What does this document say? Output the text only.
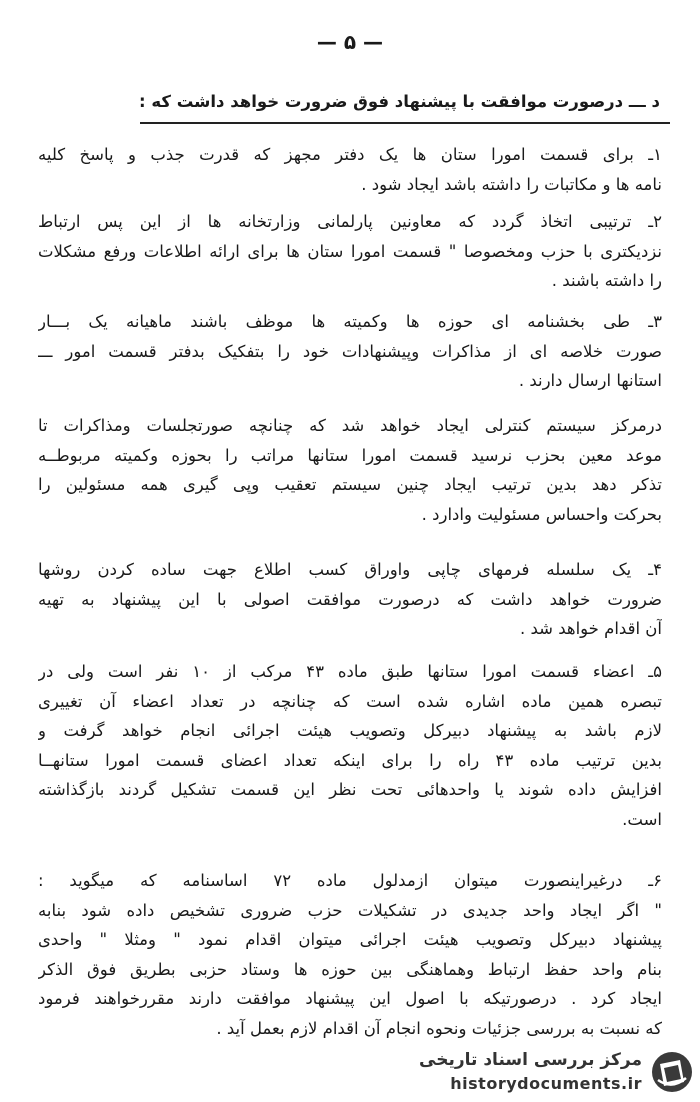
— ۵ —
د ـــ درصورت موافقت با پیشنهاد فوق ضرورت خواهد داشت که :
۱ـ برای قسمت امورا ستان ها یک دفتر مجهز که قدرت جذب و پاسخ کلیه
نامه ها و مکاتبات را داشته باشد ایجاد شود .
۲ـ ترتیبی اتخاذ گردد که معاونین پارلمانی وزارتخانه ها از این پس ارتباط
نزدیکتری با حزب ومخصوصا " قسمت امورا ستان ها برای ارائه اطلاعات ورفع مشکلات
را داشته باشند .
۳ـ طی بخشنامه ای حوزه ها وکمیته ها موظف باشند ماهیانه یک بـــار
صورت خلاصه ای از مذاکرات وپیشنهادات خود را بتفکیک بدفتر قسمت امور ـــ
استانها ارسال دارند .
درمرکز سیستم کنترلی ایجاد خواهد شد که چنانچه صورتجلسات ومذاکرات تا
موعد معین بحزب نرسید قسمت امورا ستانها مراتب را بحوزه وکمیته مربوطــه
تذکر دهد بدین ترتیب ایجاد چنین سیستم تعقیب وپی گیری همه مسئولین را
بحرکت واحساس مسئولیت وادارد .
۴ـ یک سلسله فرمهای چاپی واوراق کسب اطلاع جهت ساده کردن روشها
ضرورت خواهد داشت که درصورت موافقت اصولی با این پیشنهاد به تهیه
آن اقدام خواهد شد .
۵ـ اعضاء قسمت امورا ستانها طبق ماده ۴۳ مرکب از ۱۰ نفر است ولی در
تبصره همین ماده اشاره شده است که چنانچه در تعداد اعضاء آن تغییری
لازم باشد به پیشنهاد دبیرکل وتصویب هیئت اجرائی انجام خواهد گرفت و
بدین ترتیب ماده ۴۳ راه را برای اینکه تعداد اعضای قسمت امورا ستانهــا
افزایش داده شوند یا واحدهائی تحت نظر این قسمت تشکیل گردند بازگذاشته
است.
۶ـ درغیراینصورت میتوان ازمدلول ماده ۷۲ اساسنامه که میگوید :
" اگر ایجاد واحد جدیدی در تشکیلات حزب ضروری تشخیص داده شود بنابه
پیشنهاد دبیرکل وتصویب هیئت اجرائی میتوان اقدام نمود " ومثلا " واحدی
بنام واحد حفظ ارتباط وهماهنگی بین حوزه ها وستاد حزبی بطریق فوق الذکر
ایجاد کرد . درصورتیکه با اصول این پیشنهاد موافقت دارند مقررخواهند فرمود
که نسبت به بررسی جزئیات ونحوه انجام آن اقدام لازم بعمل آید .
مرکز بررسی اسناد تاریخی
historydocuments.ir
